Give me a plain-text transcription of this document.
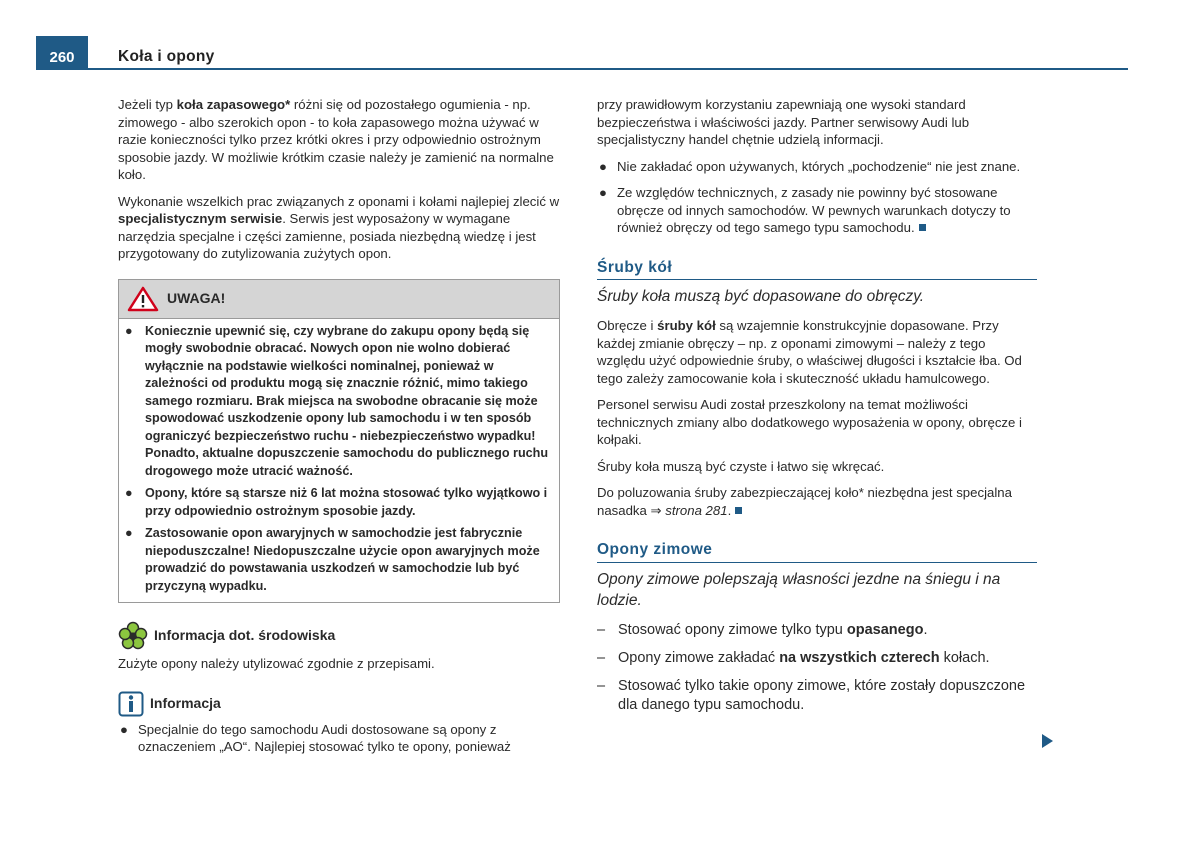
260	Koła i opony

Jeżeli typ koła zapasowego* różni się od pozostałego ogumienia - np. zimowego - albo szerokich opon - to koła zapasowego można używać w razie konieczności tylko przez krótki okres i przy odpowiednio ostrożnym sposobie jazdy. W możliwie krótkim czasie należy je zamienić na normalne koło.

Wykonanie wszelkich prac związanych z oponami i kołami najlepiej zlecić w specjalistycznym serwisie. Serwis jest wyposażony w wymagane narzędzia specjalne i części zamienne, posiada niezbędną wiedzę i jest przygotowany do zutylizowania zużytych opon.

UWAGA!
● Koniecznie upewnić się, czy wybrane do zakupu opony będą się mogły swobodnie obracać. Nowych opon nie wolno dobierać wyłącznie na podstawie wielkości nominalnej, ponieważ w zależności od produktu mogą się znacznie różnić, mimo takiego samego rozmiaru. Brak miejsca na swobodne obracanie się może spowodować uszkodzenie opony lub samochodu i w ten sposób ograniczyć bezpieczeństwo ruchu - niebezpieczeństwo wypadku! Ponadto, aktualne dopuszczenie samochodu do publicznego ruchu drogowego może utracić ważność.
● Opony, które są starsze niż 6 lat można stosować tylko wyjątkowo i przy odpowiednio ostrożnym sposobie jazdy.
● Zastosowanie opon awaryjnych w samochodzie jest fabrycznie niepoduszczalne! Niedopuszczalne użycie opon awaryjnych może prowadzić do powstawania uszkodzeń w samochodzie lub być przyczyną wypadku.
Informacja dot. środowiska

Zużyte opony należy utylizować zgodnie z przepisami.

Informacja

● Specjalnie do tego samochodu Audi dostosowane są opony z oznaczeniem „AO“. Najlepiej stosować tylko te opony, ponieważ

przy prawidłowym korzystaniu zapewniają one wysoki standard bezpieczeństwa i właściwości jazdy. Partner serwisowy Audi lub specjalistyczny handel chętnie udzielą informacji.

● Nie zakładać opon używanych, których „pochodzenie“ nie jest znane.

● Ze względów technicznych, z zasady nie powinny być stosowane obręcze od innych samochodów. W pewnych warunkach dotyczy to również obręczy od tego samego typu samochodu.

Śruby kół

Śruby koła muszą być dopasowane do obręczy.

Obręcze i śruby kół są wzajemnie konstrukcyjnie dopasowane. Przy każdej zmianie obręczy – np. z oponami zimowymi – należy z tego względu użyć odpowiednie śruby, o właściwej długości i kształcie łba. Od tego zależy zamocowanie koła i skuteczność układu hamulcowego.

Personel serwisu Audi został przeszkolony na temat możliwości technicznych zmiany albo dodatkowego wyposażenia w opony, obręcze i kołpaki.

Śruby koła muszą być czyste i łatwo się wkręcać.

Do poluzowania śruby zabezpieczającej koło* niezbędna jest specjalna nasadka ⇒ strona 281.

Opony zimowe

Opony zimowe polepszają własności jezdne na śniegu i na lodzie.

– Stosować opony zimowe tylko typu opasanego.
– Opony zimowe zakładać na wszystkich czterech kołach.
– Stosować tylko takie opony zimowe, które zostały dopuszczone dla danego typu samochodu.
